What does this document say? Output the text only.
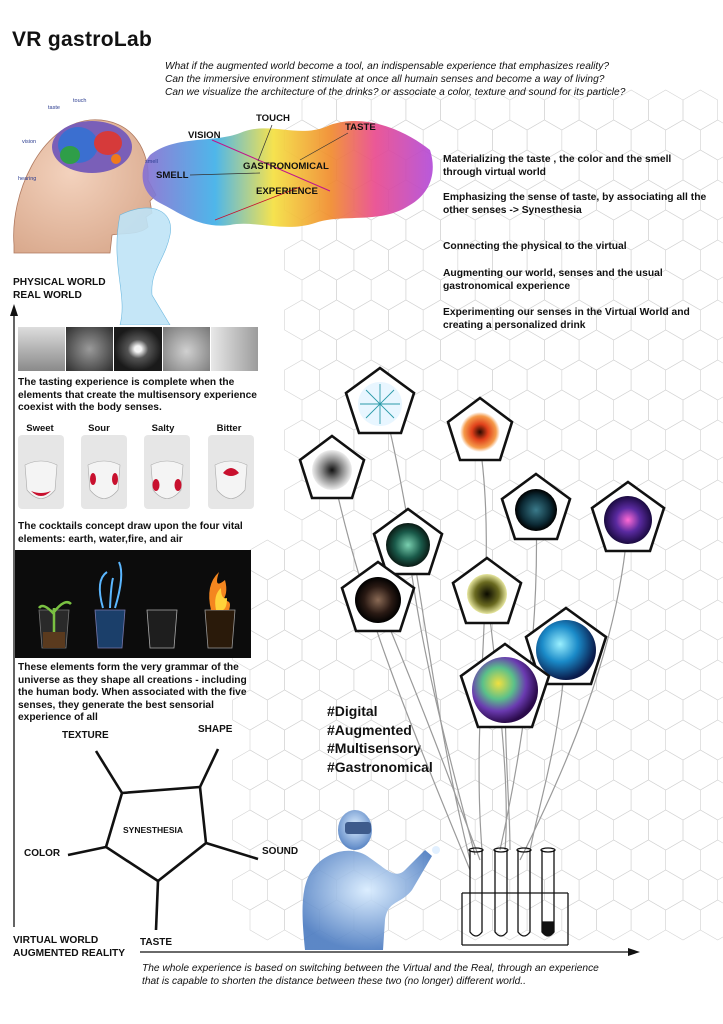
VR gastroLab
What if the augmented world become a tool, an indispensable experience that emphasizes reality?
Can the immersive environment stimulate at once all humain senses and become a way of living?
Can we visualize the architecture of the drinks? or associate a color, texture and sound for its particle?
touch
taste
vision
smell
hearing
VISION
TOUCH
TASTE
SMELL
GASTRONOMICAL
EXPERIENCE
Materializing the taste , the color and the smell through virtual world
Emphasizing the sense of taste, by associating all the other senses -> Synesthesia
Connecting the physical to the virtual
Augmenting our world, senses and the usual gastronomical experience
Experimenting our senses in the Virtual World and creating a personalized drink
PHYSICAL WORLD
REAL WORLD
VIRTUAL WORLD
AUGMENTED REALITY
The tasting experience is complete when the elements that create the multisensory experience coexist with the body senses.
Sweet	Sour	Salty	Bitter
The cocktails concept draw upon the four vital elements: earth, water,fire, and air
These elements form the very grammar of the universe as they shape all creations - including the human body. When associated with the five senses, they generate the best sensorial experience of all
SYNESTHESIA
TEXTURE
SHAPE
COLOR	SOUND
TASTE
#Digital
#Augmented
#Multisensory
#Gastronomical
The whole experience is based on switching between the Virtual and the Real, through an experience
that is capable to shorten the distance between these two (no longer) different world..
